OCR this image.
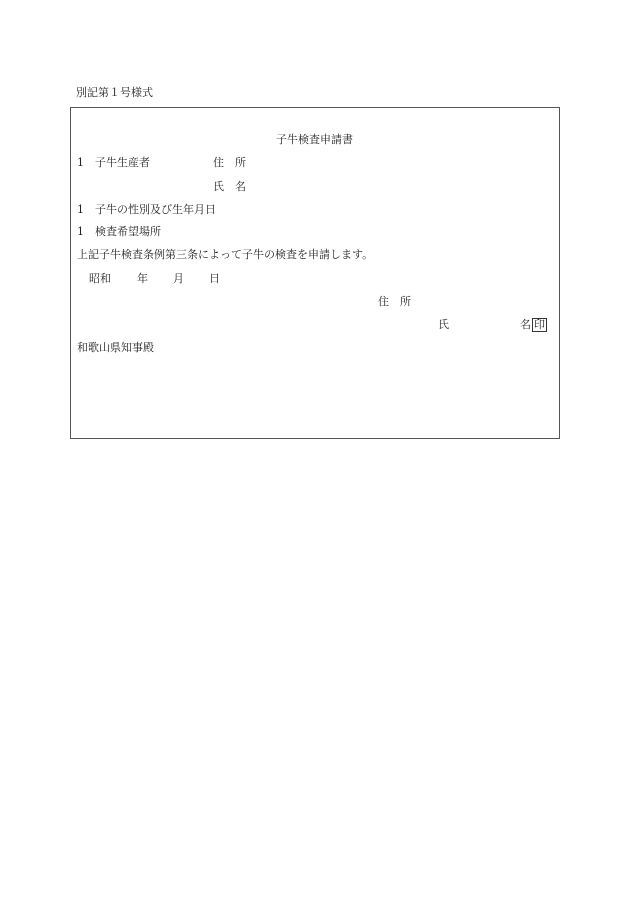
別記第１号様式
子牛検査申請書
1 子牛生産者	住　所
氏　名
1 子牛の性別及び生年月日
1 検査希望場所
上記子牛検査条例第三条によって子牛の検査を申請します。
昭和 年 月 日
住　所
氏	名 印
和歌山県知事殿
